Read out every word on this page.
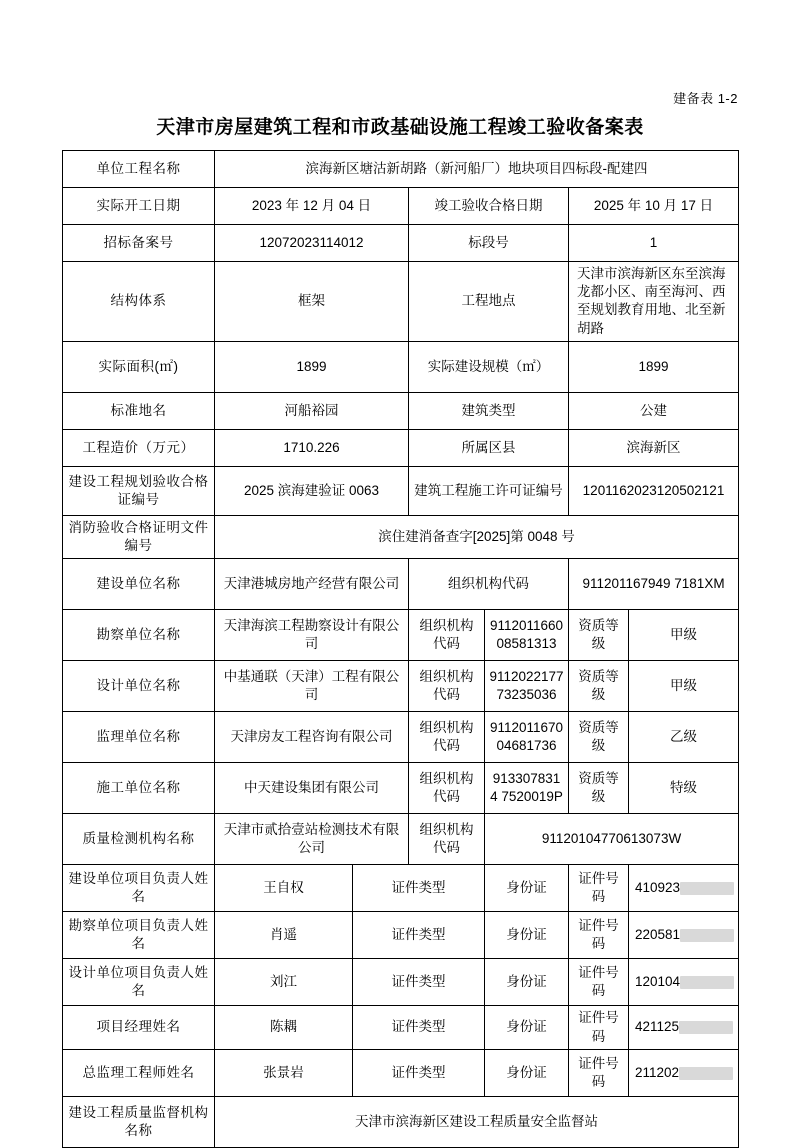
建备表 1-2
天津市房屋建筑工程和市政基础设施工程竣工验收备案表
单位工程名称	滨海新区塘沽新胡路（新河船厂）地块项目四标段-配建四					
实际开工日期	2023 年 12 月 04 日		竣工验收合格日期		2025 年 10 月 17 日	
招标备案号	12072023114012		标段号		1	
结构体系	框架		工程地点		天津市滨海新区东至滨海龙都小区、南至海河、西至规划教育用地、北至新胡路	
实际面积(㎡)	1899		实际建设规模（㎡）		1899	
标准地名	河船裕园		建筑类型		公建	
工程造价（万元）	1710.226		所属区县		滨海新区	
建设工程规划验收合格证编号	2025 滨海建验证 0063		建筑工程施工许可证编号		1201162023120502121	
消防验收合格证明文件编号	滨住建消备查字[2025]第 0048 号					
建设单位名称	天津港城房地产经营有限公司		组织机构代码		911201167949 7181XM	
勘察单位名称	天津海滨工程勘察设计有限公司		组织机构代码	9112011660 08581313	资质等级	甲级
设计单位名称	中基通联（天津）工程有限公司		组织机构代码	9112022177 73235036	资质等级	甲级
监理单位名称	天津房友工程咨询有限公司		组织机构代码	9112011670 04681736	资质等级	乙级
施工单位名称	中天建设集团有限公司		组织机构代码	9133078314 7520019P	资质等级	特级
质量检测机构名称	天津市贰拾壹站检测技术有限公司		组织机构代码	91120104770613073W		
建设单位项目负责人姓名	王自权	证件类型		身份证	证件号码	410923
勘察单位项目负责人姓名	肖遥	证件类型		身份证	证件号码	220581
设计单位项目负责人姓名	刘江	证件类型		身份证	证件号码	120104
项目经理姓名	陈耦	证件类型		身份证	证件号码	421125
总监理工程师姓名	张景岩	证件类型		身份证	证件号码	211202
建设工程质量监督机构名称	天津市滨海新区建设工程质量安全监督站					
